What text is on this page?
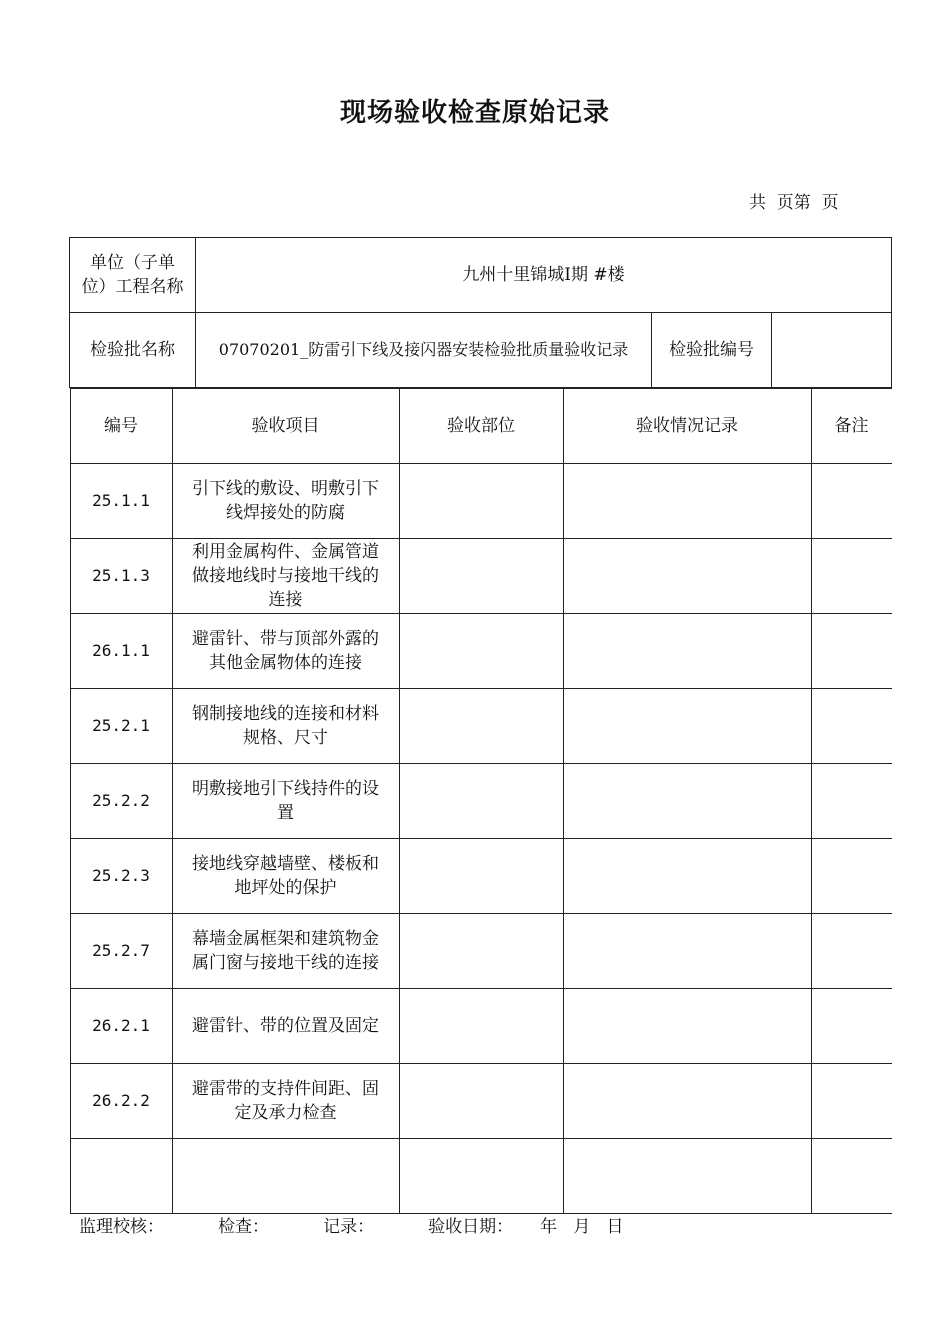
现场验收检查原始记录
共  页第  页
单位（子单位）工程名称	九州十里锦城Ⅰ期 #楼
检验批名称	07070201_防雷引下线及接闪器安装检验批质量验收记录	检验批编号	

编号	验收项目	验收部位	验收情况记录	备注
25.1.1	引下线的敷设、明敷引下线焊接处的防腐			
25.1.3	利用金属构件、金属管道做接地线时与接地干线的连接			
26.1.1	避雷针、带与顶部外露的其他金属物体的连接			
25.2.1	钢制接地线的连接和材料规格、尺寸			
25.2.2	明敷接地引下线持件的设置			
25.2.3	接地线穿越墙壁、楼板和地坪处的保护			
25.2.7	幕墙金属框架和建筑物金属门窗与接地干线的连接			
26.2.1	避雷针、带的位置及固定			
26.2.2	避雷带的支持件间距、固定及承力检查			

监理校核：          检查：          记录：          验收日期：     年   月   日
